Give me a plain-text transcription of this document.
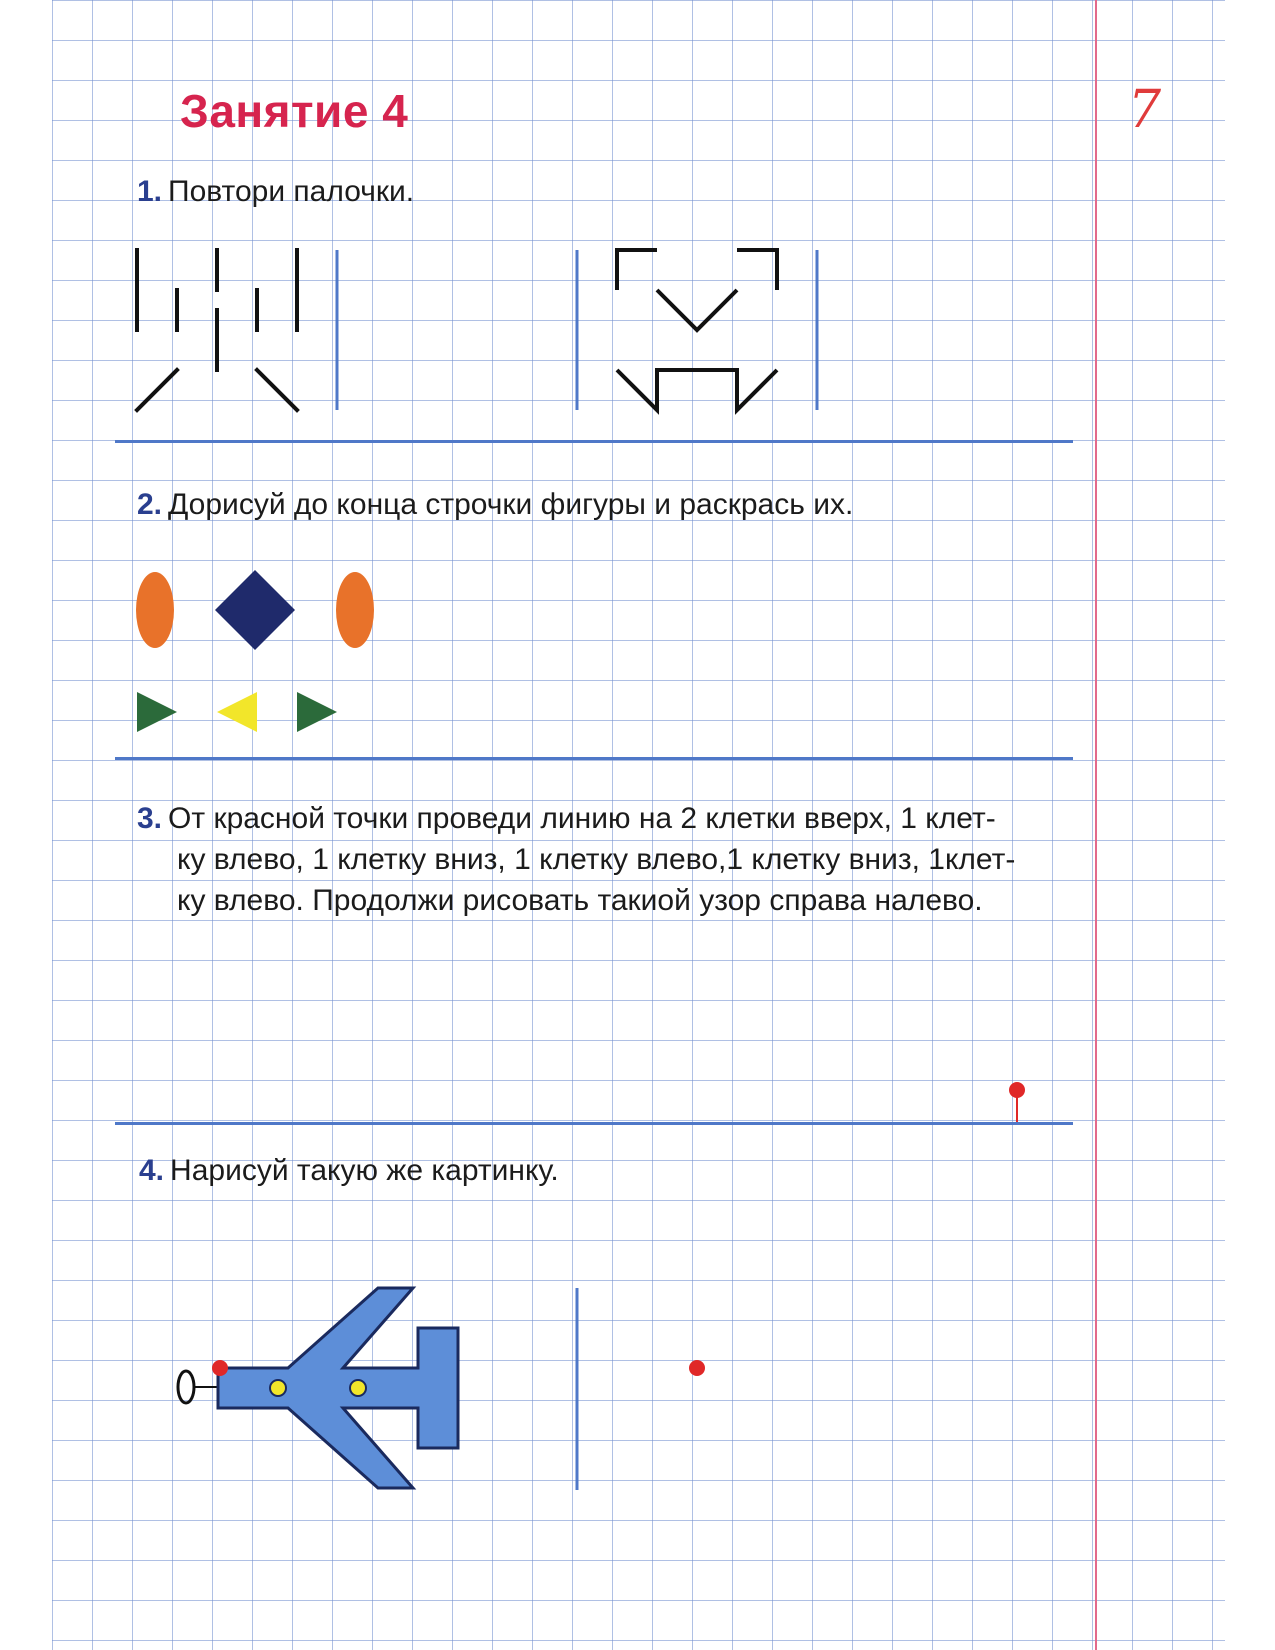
Занятие 4	7
1. Повтори палочки.
2. Дорисуй до конца строчки фигуры и раскрась их.
3. От красной точки проведи линию на 2 клетки вверх, 1 клет-
ку влево, 1 клетку вниз, 1 клетку влево,1 клетку вниз, 1клет-
ку влево. Продолжи рисовать такиой узор справа налево.
4. Нарисуй такую же картинку.
